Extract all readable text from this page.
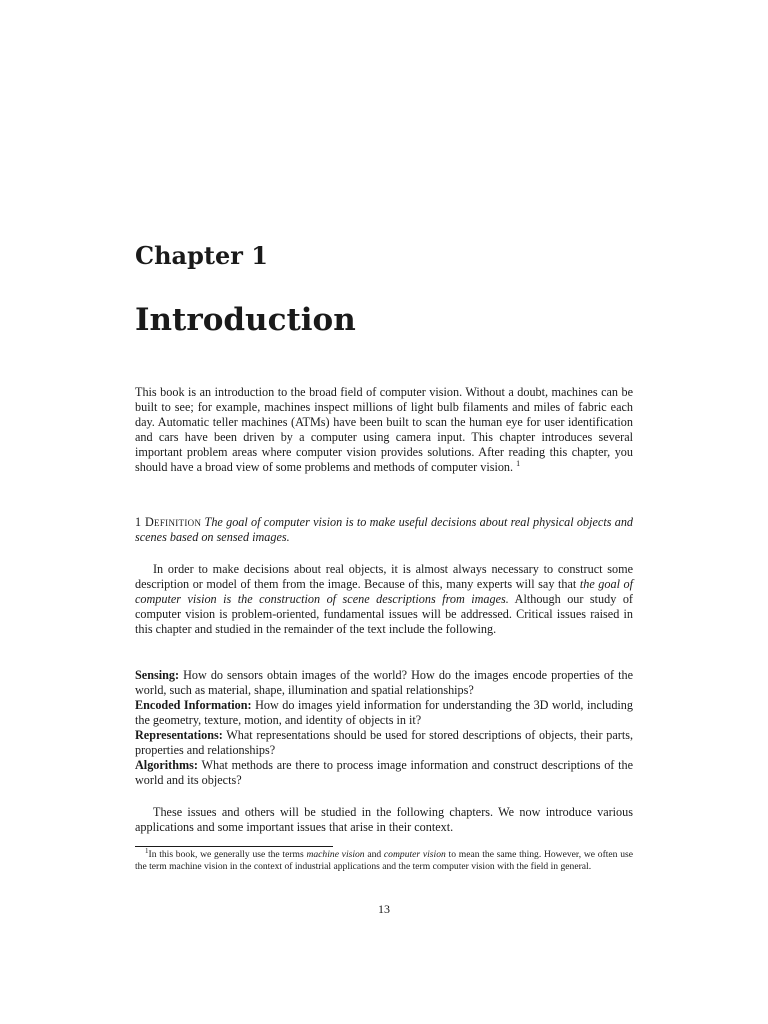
Chapter 1
Introduction

This book is an introduction to the broad field of computer vision. Without a doubt, machines can be built to see; for example, machines inspect millions of light bulb filaments and miles of fabric each day. Automatic teller machines (ATMs) have been built to scan the human eye for user identification and cars have been driven by a computer using camera input. This chapter introduces several important problem areas where computer vision provides solutions. After reading this chapter, you should have a broad view of some problems and methods of computer vision. $^1$

1 Definition The goal of computer vision is to make useful decisions about real physical objects and scenes based on sensed images.

In order to make decisions about real objects, it is almost always necessary to construct some description or model of them from the image. Because of this, many experts will say that the goal of computer vision is the construction of scene descriptions from images. Although our study of computer vision is problem-oriented, fundamental issues will be addressed. Critical issues raised in this chapter and studied in the remainder of the text include the following.

Sensing: How do sensors obtain images of the world? How do the images encode properties of the world, such as material, shape, illumination and spatial relationships?
Encoded Information: How do images yield information for understanding the 3D world, including the geometry, texture, motion, and identity of objects in it?
Representations: What representations should be used for stored descriptions of objects, their parts, properties and relationships?
Algorithms: What methods are there to process image information and construct descriptions of the world and its objects?

These issues and others will be studied in the following chapters. We now introduce various applications and some important issues that arise in their context.

$^1$In this book, we generally use the terms machine vision and computer vision to mean the same thing. However, we often use the term machine vision in the context of industrial applications and the term computer vision with the field in general.

13
